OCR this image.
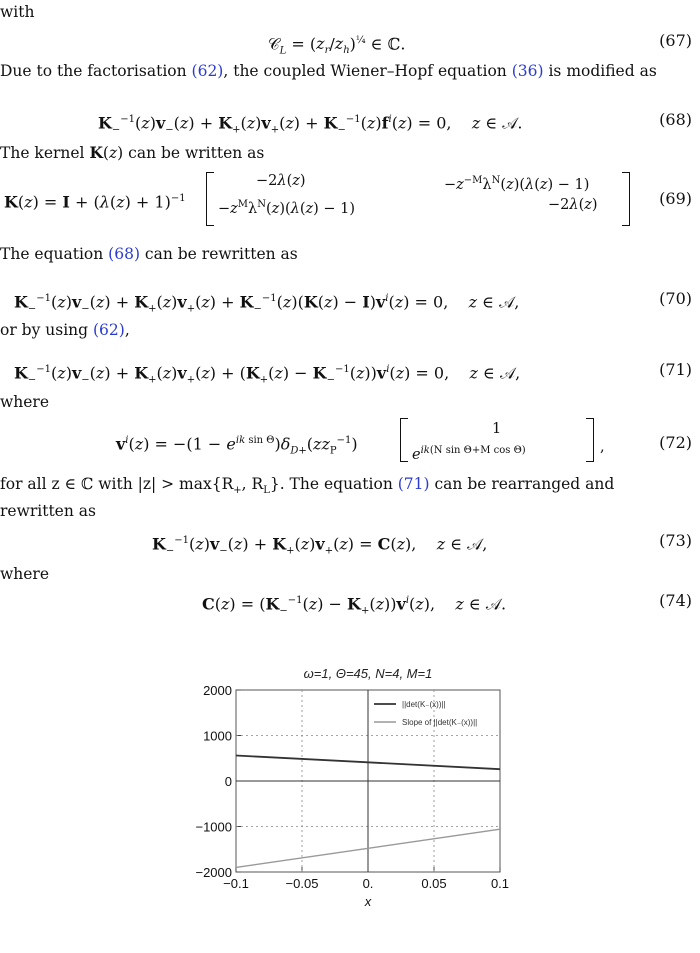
with
𝒞$_L$ = $(z_r/z_h)^{\frac{1}{4}}$ ∈ ℂ.	(67)
Due to the factorisation (62), the coupled Wiener–Hopf equation (36) is modified as
$K_-^{-1}(z)v_-(z) + K_+(z)v_+(z) + K_-^{-1}(z)f^i(z) = 0$,    z ∈ 𝒜.	(68)
The kernel K(z) can be written as
$K(z) = I + (\lambda(z) + 1)^{-1}$
−2λ(z)	$-z^{-M}\lambda^N(z)(\lambda(z) - 1)$
$-z^M\lambda^N(z)(\lambda(z) - 1)$	−2λ(z)	(69)
The equation (68) can be rewritten as
$K_-^{-1}(z)v_-(z) + K_+(z)v_+(z) + K_-^{-1}(z)(K(z) - I)v^i(z) = 0$,    z ∈ 𝒜,	(70)
or by using (62),
$K_-^{-1}(z)v_-(z) + K_+(z)v_+(z) + (K_+(z) - K_-^{-1}(z))v^i(z) = 0$,    z ∈ 𝒜,	(71)
where
$v^i(z) = -(1 - e^{ik sin \Theta})\delta_{D+}(zz_P^{-1})$
1
$e^{ik(N sin \Theta+M cos \Theta)}$	,	(72)
for all z ∈ ℂ with $|z| > \max\{R_+$, $R_L$}. The equation (71) can be rearranged and rewritten as
$K_-^{-1}(z)v_-(z) + K_+(z)v_+(z) = C(z)$,    z ∈ 𝒜,	(73)
where
$C(z) = (K_-^{-1}(z) - K_+(z))v^i(z)$,    z ∈ 𝒜.	(74)
ω=1, Θ=45, N=4, M=1
2000
1000
0
−1000
−2000
−0.1	−0.05	0.	0.05	0.1
x
||det(K₋(x))||
Slope of ||det(K₋(x))||
